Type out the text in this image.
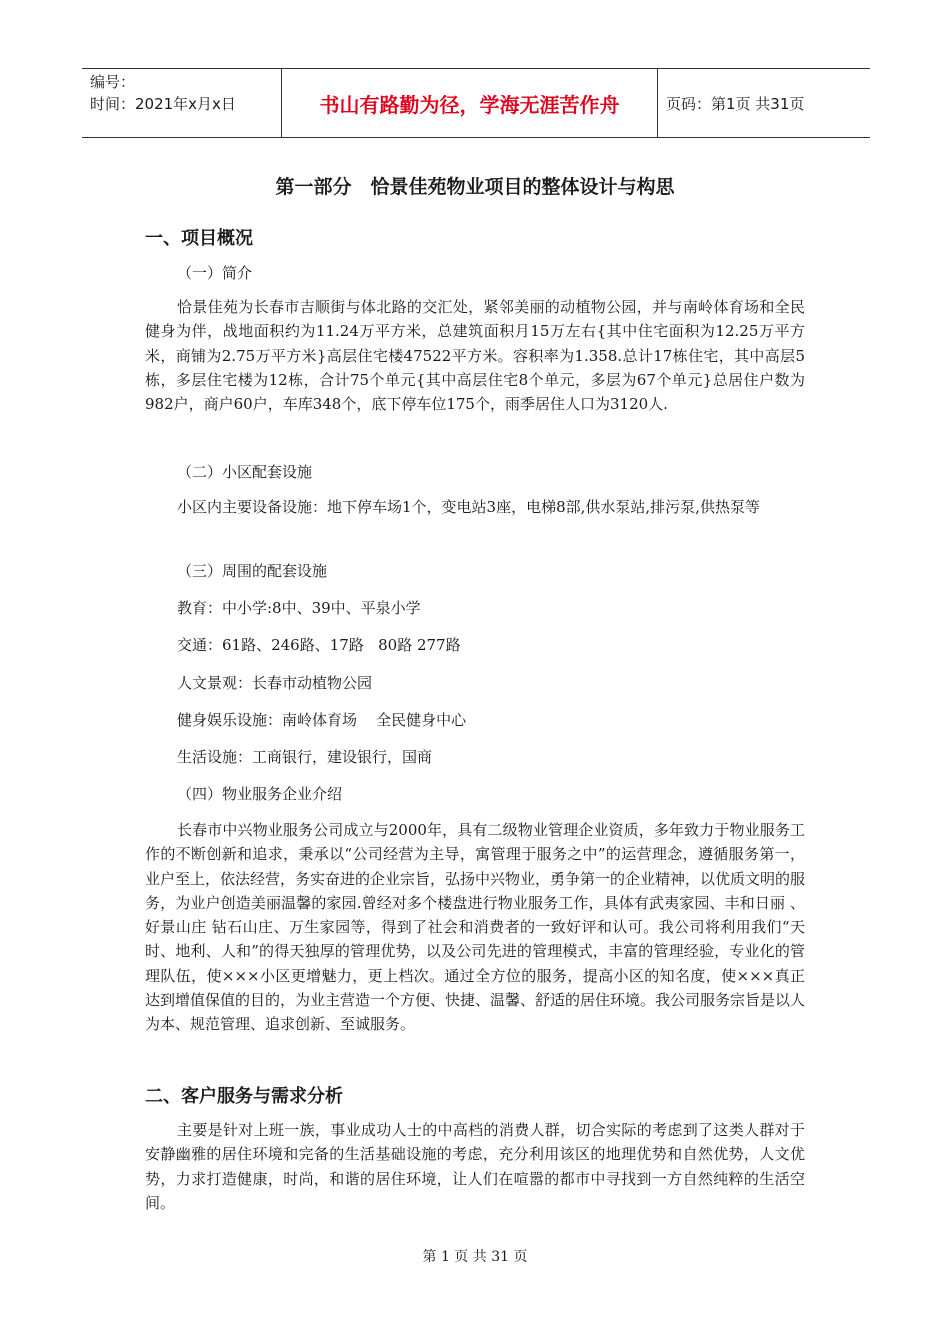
编号：
时间：2021年x月x日	书山有路勤为径，学海无涯苦作舟	页码：第1页 共31页
第一部分　恰景佳苑物业项目的整体设计与构思
一、项目概况
（一）简介
恰景佳苑为长春市吉顺街与体北路的交汇处，紧邻美丽的动植物公园，并与南岭体育场和全民健身为伴，战地面积约为11.24万平方米，总建筑面积月15万左右{其中住宅面积为12.25万平方米，商铺为2.75万平方米}高层住宅楼47522平方米。容积率为1.358.总计17栋住宅，其中高层5栋，多层住宅楼为12栋，合计75个单元{其中高层住宅8个单元，多层为67个单元}总居住户数为982户，商户60户，车库348个，底下停车位175个，雨季居住人口为3120人.
（二）小区配套设施
小区内主要设备设施：地下停车场1个，变电站3座，电梯8部,供水泵站,排污泵,供热泵等
（三）周围的配套设施
教育：中小学:8中、39中、平泉小学
交通：61路、246路、17路   80路 277路
人文景观：长春市动植物公园
健身娱乐设施：南岭体育场    全民健身中心
生活设施：工商银行，建设银行，国商
（四）物业服务企业介绍
长春市中兴物业服务公司成立与2000年，具有二级物业管理企业资质，多年致力于物业服务工作的不断创新和追求，秉承以“公司经营为主导，寓管理于服务之中”的运营理念，遵循服务第一，业户至上，依法经营，务实奋进的企业宗旨，弘扬中兴物业，勇争第一的企业精神，以优质文明的服务，为业户创造美丽温馨的家园.曾经对多个楼盘进行物业服务工作，具体有武夷家园、丰和日丽 、好景山庄 钻石山庄、万生家园等，得到了社会和消费者的一致好评和认可。我公司将利用我们“天时、地利、人和”的得天独厚的管理优势，以及公司先进的管理模式，丰富的管理经验，专业化的管理队伍，使×××小区更增魅力，更上档次。通过全方位的服务，提高小区的知名度，使×××真正达到增值保值的目的，为业主营造一个方便、快捷、温馨、舒适的居住环境。我公司服务宗旨是以人为本、规范管理、追求创新、至诚服务。
二、客户服务与需求分析
主要是针对上班一族，事业成功人士的中高档的消费人群，切合实际的考虑到了这类人群对于安静幽雅的居住环境和完备的生活基础设施的考虑，充分利用该区的地理优势和自然优势，人文优势，力求打造健康，时尚，和谐的居住环境，让人们在喧嚣的都市中寻找到一方自然纯粹的生活空间。
第 1 页 共 31 页
